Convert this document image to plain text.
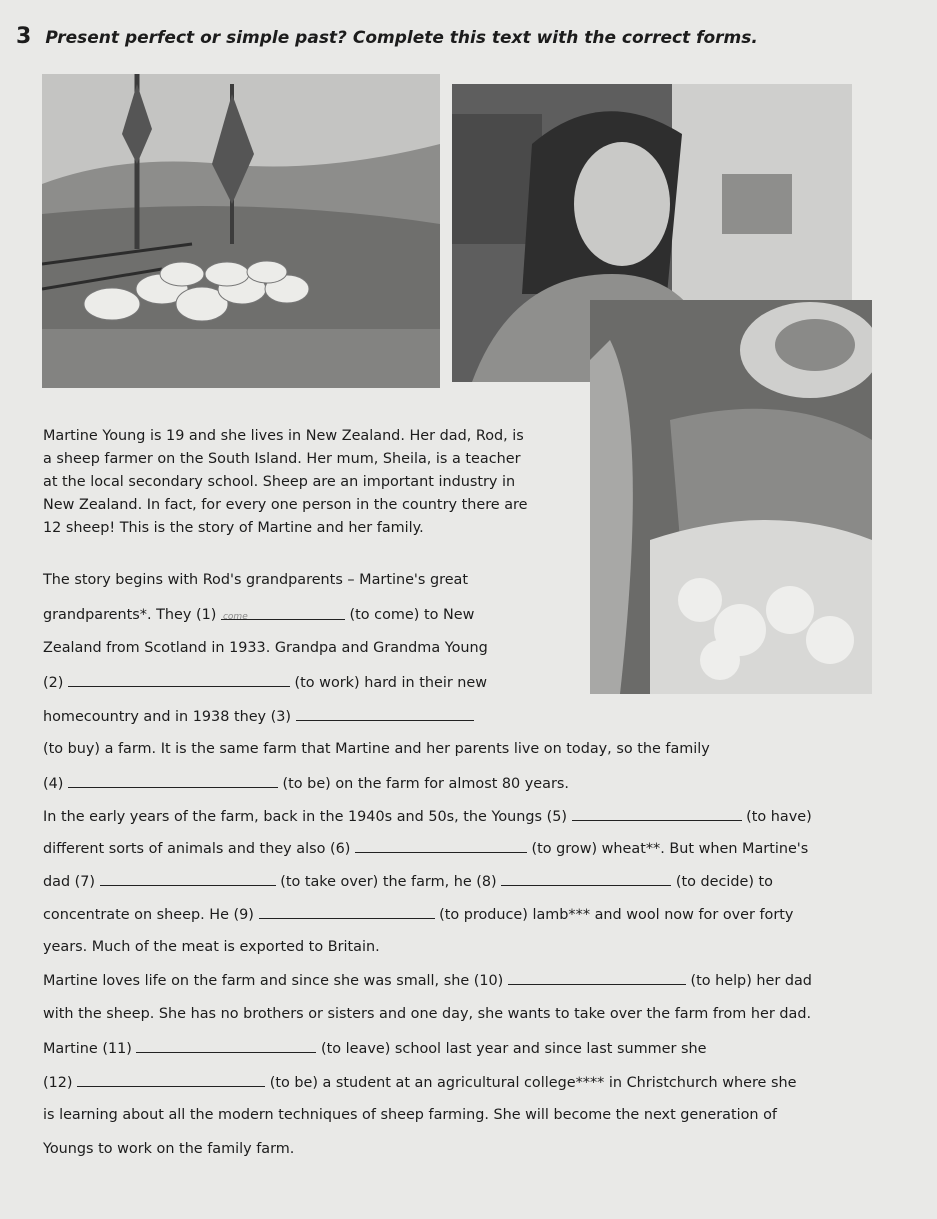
3 Present perfect or simple past? Complete this text with the correct forms.

Martine Young is 19 and she lives in New Zealand. Her dad, Rod, is

a sheep farmer on the South Island. Her mum, Sheila, is a teacher

at the local secondary school. Sheep are an important industry in

New Zealand. In fact, for every one person in the country there are

12 sheep! This is the story of Martine and her family.

The story begins with Rod's grandparents – Martine's great

grandparents*. They (1) come	(to come) to New

Zealand from Scotland in 1933. Grandpa and Grandma Young

(2)	(to work) hard in their new

homecountry and in 1938 they (3)

(to buy) a farm. It is the same farm that Martine and her parents live on today, so the family

(4)	(to be) on the farm for almost 80 years.

In the early years of the farm, back in the 1940s and 50s, the Youngs (5)	(to have)

different sorts of animals and they also (6)	(to grow) wheat**. But when Martine's

dad (7)	(to take over) the farm, he (8)	(to decide) to

concentrate on sheep. He (9)	(to produce) lamb*** and wool now for over forty

years. Much of the meat is exported to Britain.

Martine loves life on the farm and since she was small, she (10)	(to help) her dad

with the sheep. She has no brothers or sisters and one day, she wants to take over the farm from her dad.

Martine (11)	(to leave) school last year and since last summer she

(12)	(to be) a student at an agricultural college**** in Christchurch where she

is learning about all the modern techniques of sheep farming. She will become the next generation of

Youngs to work on the family farm.
